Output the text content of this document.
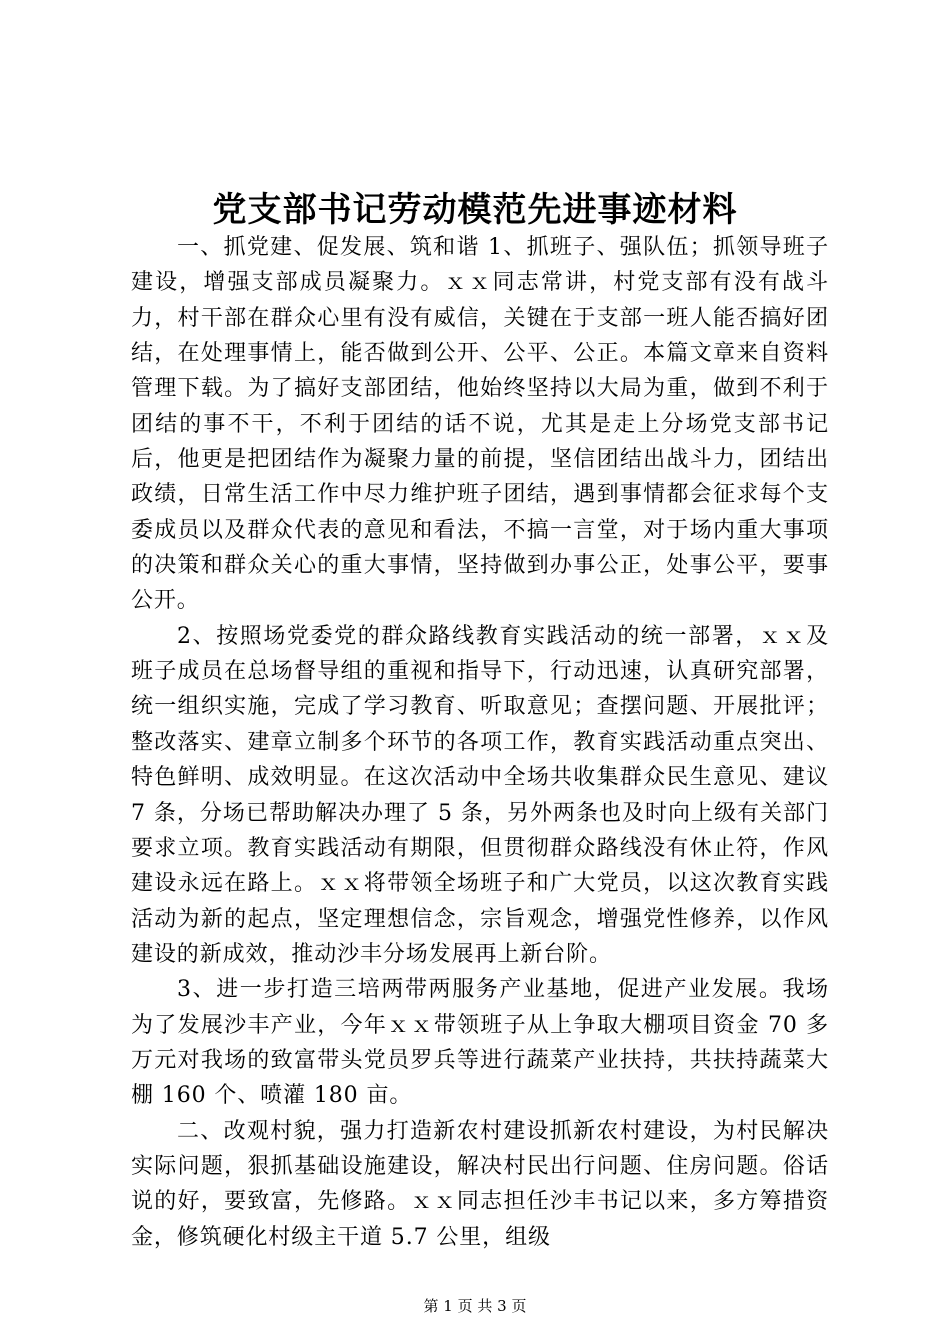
党支部书记劳动模范先进事迹材料

一、抓党建、促发展、筑和谐 1、抓班子、强队伍；抓领导班子建设，增强支部成员凝聚力。ｘｘ同志常讲，村党支部有没有战斗力，村干部在群众心里有没有威信，关键在于支部一班人能否搞好团结，在处理事情上，能否做到公开、公平、公正。本篇文章来自资料管理下载。为了搞好支部团结，他始终坚持以大局为重，做到不利于团结的事不干，不利于团结的话不说，尤其是走上分场党支部书记后，他更是把团结作为凝聚力量的前提，坚信团结出战斗力，团结出政绩，日常生活工作中尽力维护班子团结，遇到事情都会征求每个支委成员以及群众代表的意见和看法，不搞一言堂，对于场内重大事项的决策和群众关心的重大事情，坚持做到办事公正，处事公平，要事公开。

2、按照场党委党的群众路线教育实践活动的统一部署，ｘｘ及班子成员在总场督导组的重视和指导下，行动迅速，认真研究部署，统一组织实施，完成了学习教育、听取意见；查摆问题、开展批评；整改落实、建章立制多个环节的各项工作，教育实践活动重点突出、特色鲜明、成效明显。在这次活动中全场共收集群众民生意见、建议 7 条，分场已帮助解决办理了 5 条，另外两条也及时向上级有关部门要求立项。教育实践活动有期限，但贯彻群众路线没有休止符，作风建设永远在路上。ｘｘ将带领全场班子和广大党员，以这次教育实践活动为新的起点，坚定理想信念，宗旨观念，增强党性修养，以作风建设的新成效，推动沙丰分场发展再上新台阶。

3、进一步打造三培两带两服务产业基地，促进产业发展。我场为了发展沙丰产业，今年ｘｘ带领班子从上争取大棚项目资金 70 多万元对我场的致富带头党员罗兵等进行蔬菜产业扶持，共扶持蔬菜大棚 160 个、喷灌 180 亩。

二、改观村貌，强力打造新农村建设抓新农村建设，为村民解决实际问题，狠抓基础设施建设，解决村民出行问题、住房问题。俗话说的好，要致富，先修路。ｘｘ同志担任沙丰书记以来，多方筹措资金，修筑硬化村级主干道 5.7 公里，组级

第 1 页 共 3 页
